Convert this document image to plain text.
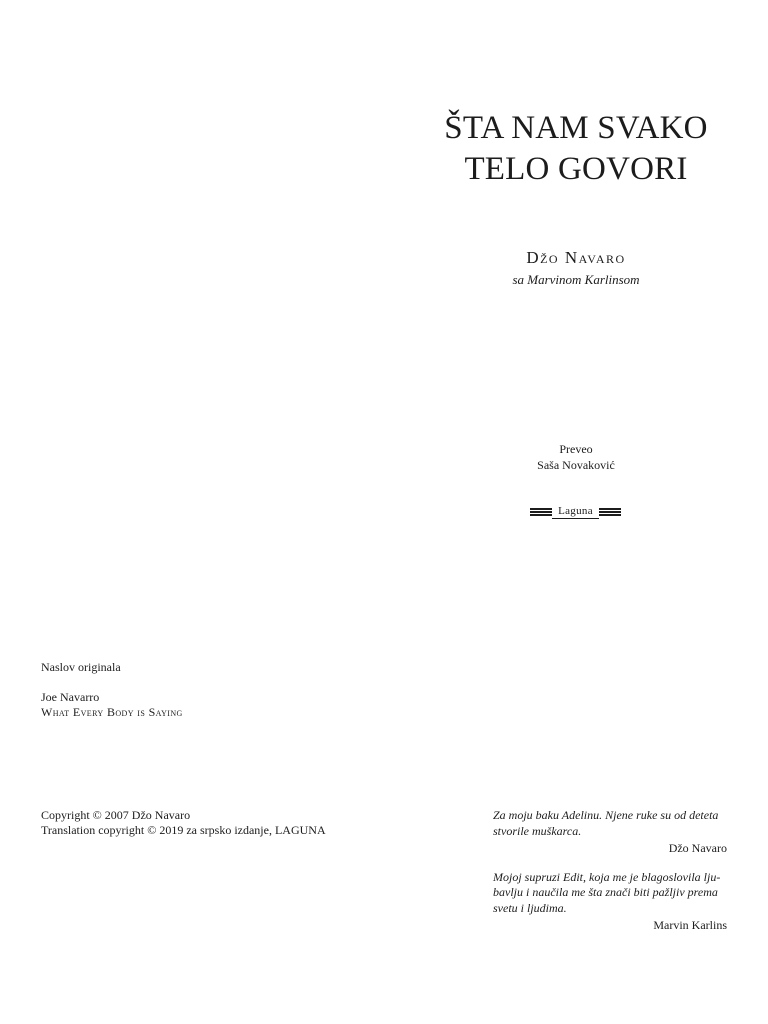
ŠTA NAM SVAKO
TELO GOVORI
Džo Navaro
sa Marvinom Karlinsom
Preveo
Saša Novaković
Laguna
Naslov originala
Joe Navarro
What Every Body is Saying
Copyright © 2007 Džo Navaro
Translation copyright © 2019 za srpsko izdanje, LAGUNA
Za moju baku Adelinu. Njene ruke su od deteta
stvorile muškarca.
Džo Navaro
Mojoj supruzi Edit, koja me je blagoslovila lju-
bavlju i naučila me šta znači biti pažljiv prema
svetu i ljudima.
Marvin Karlins
